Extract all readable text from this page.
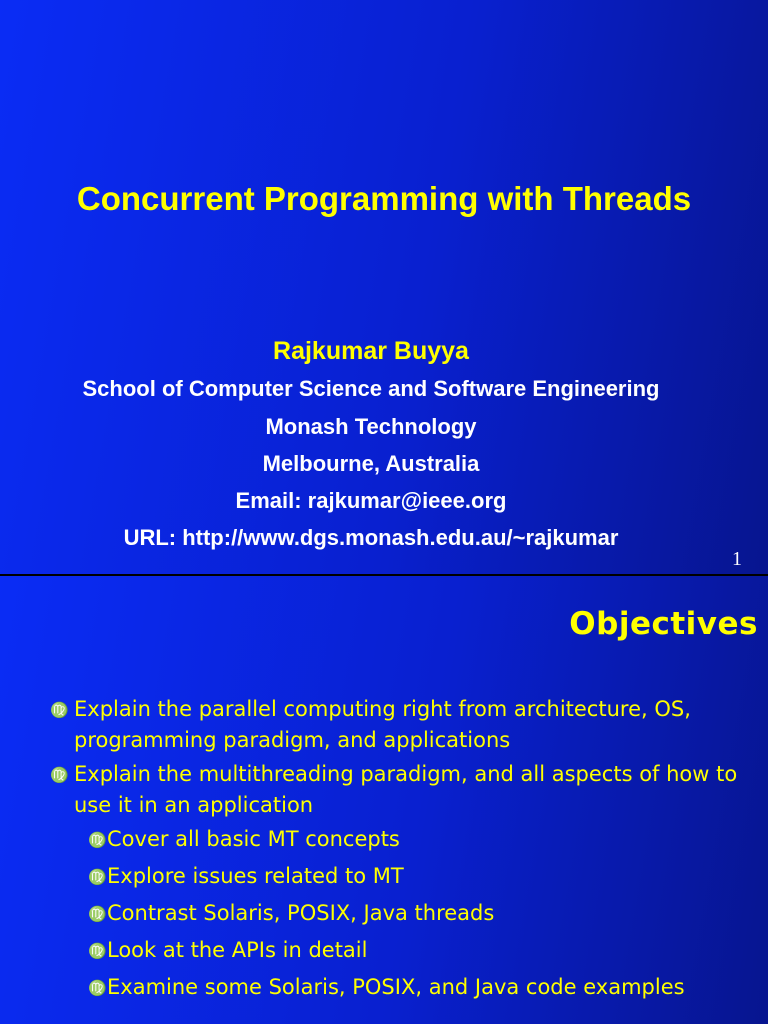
Concurrent Programming with Threads
Rajkumar Buyya
School of Computer Science and Software Engineering
Monash Technology
Melbourne, Australia
Email: rajkumar@ieee.org
URL: http://www.dgs.monash.edu.au/~rajkumar
1
Objectives
♍ Explain the parallel computing right from architecture, OS, programming paradigm, and applications
♍ Explain the multithreading paradigm, and all aspects of how to use it in an application
♍ Cover all basic MT concepts
♍ Explore issues related to MT
♍ Contrast Solaris, POSIX, Java threads
♍ Look at the APIs in detail
♍ Examine some Solaris, POSIX, and Java code examples
